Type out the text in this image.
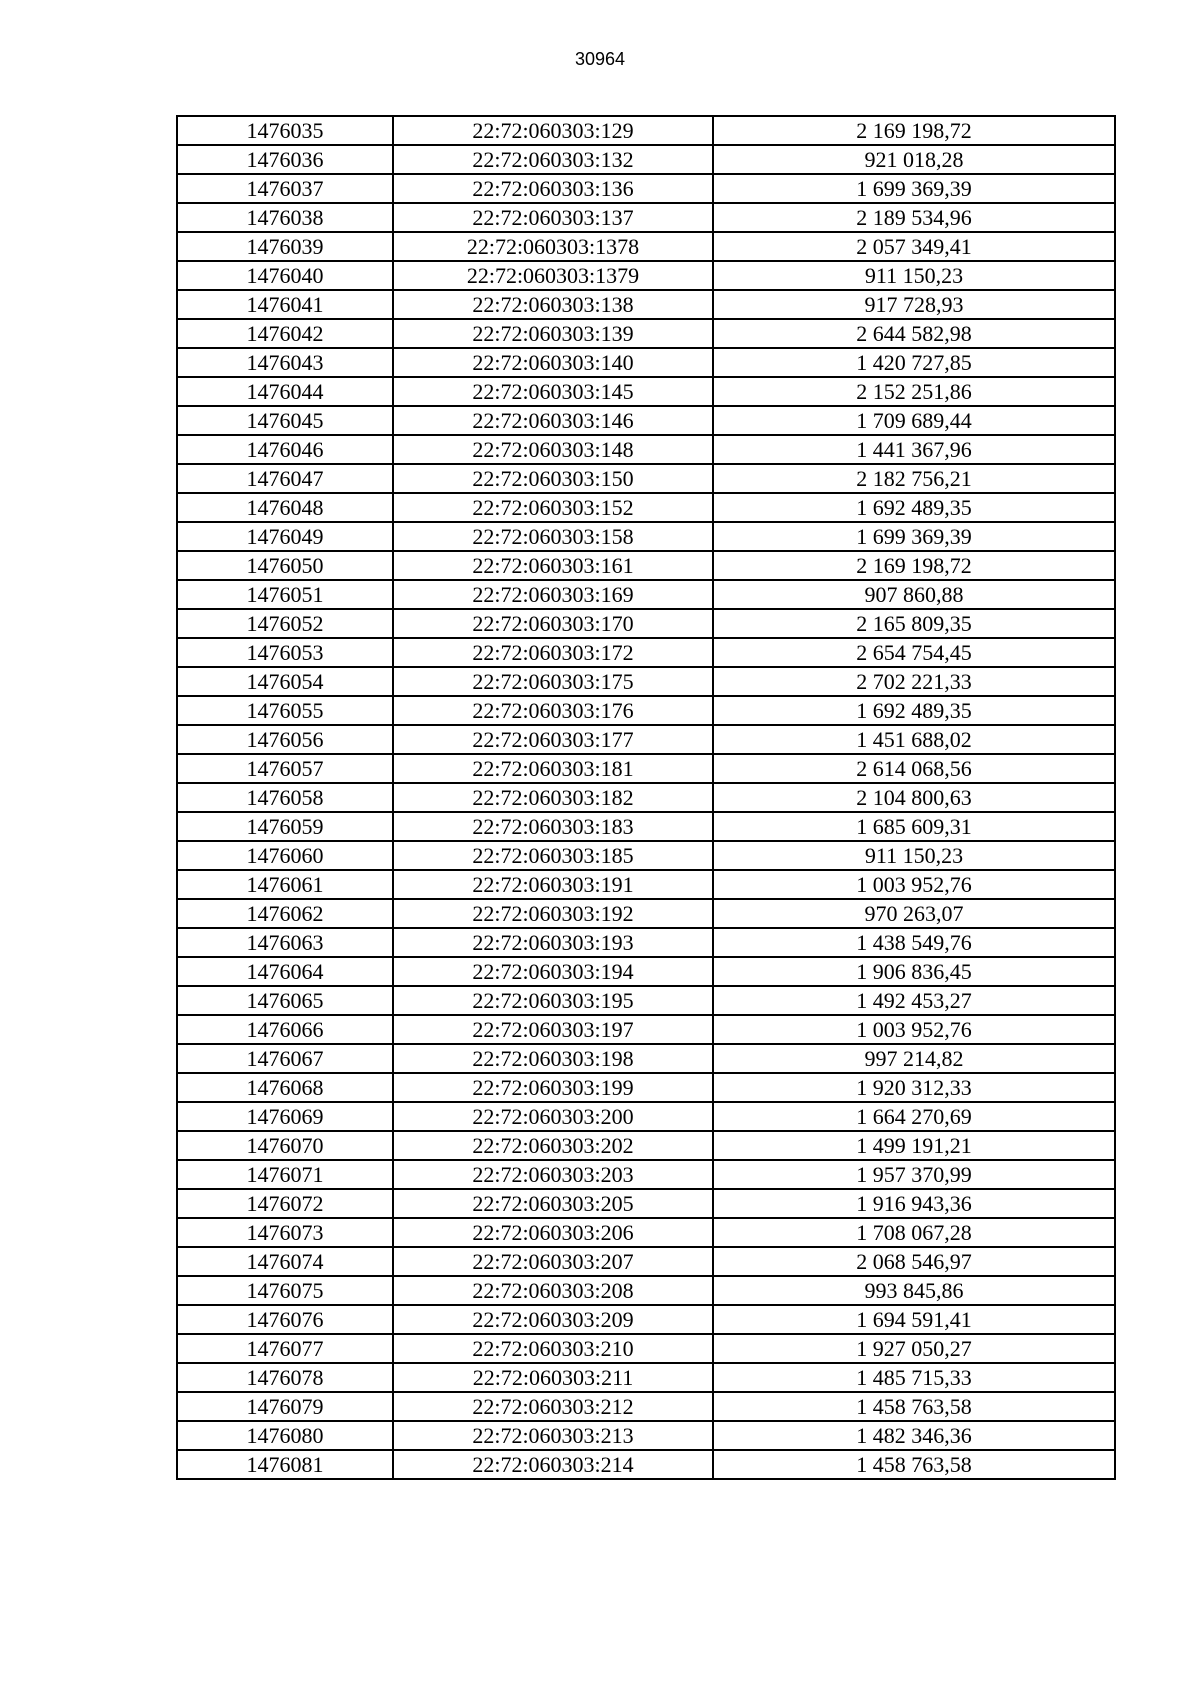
30964
1476035	22:72:060303:129	2 169 198,72
1476036	22:72:060303:132	921 018,28
1476037	22:72:060303:136	1 699 369,39
1476038	22:72:060303:137	2 189 534,96
1476039	22:72:060303:1378	2 057 349,41
1476040	22:72:060303:1379	911 150,23
1476041	22:72:060303:138	917 728,93
1476042	22:72:060303:139	2 644 582,98
1476043	22:72:060303:140	1 420 727,85
1476044	22:72:060303:145	2 152 251,86
1476045	22:72:060303:146	1 709 689,44
1476046	22:72:060303:148	1 441 367,96
1476047	22:72:060303:150	2 182 756,21
1476048	22:72:060303:152	1 692 489,35
1476049	22:72:060303:158	1 699 369,39
1476050	22:72:060303:161	2 169 198,72
1476051	22:72:060303:169	907 860,88
1476052	22:72:060303:170	2 165 809,35
1476053	22:72:060303:172	2 654 754,45
1476054	22:72:060303:175	2 702 221,33
1476055	22:72:060303:176	1 692 489,35
1476056	22:72:060303:177	1 451 688,02
1476057	22:72:060303:181	2 614 068,56
1476058	22:72:060303:182	2 104 800,63
1476059	22:72:060303:183	1 685 609,31
1476060	22:72:060303:185	911 150,23
1476061	22:72:060303:191	1 003 952,76
1476062	22:72:060303:192	970 263,07
1476063	22:72:060303:193	1 438 549,76
1476064	22:72:060303:194	1 906 836,45
1476065	22:72:060303:195	1 492 453,27
1476066	22:72:060303:197	1 003 952,76
1476067	22:72:060303:198	997 214,82
1476068	22:72:060303:199	1 920 312,33
1476069	22:72:060303:200	1 664 270,69
1476070	22:72:060303:202	1 499 191,21
1476071	22:72:060303:203	1 957 370,99
1476072	22:72:060303:205	1 916 943,36
1476073	22:72:060303:206	1 708 067,28
1476074	22:72:060303:207	2 068 546,97
1476075	22:72:060303:208	993 845,86
1476076	22:72:060303:209	1 694 591,41
1476077	22:72:060303:210	1 927 050,27
1476078	22:72:060303:211	1 485 715,33
1476079	22:72:060303:212	1 458 763,58
1476080	22:72:060303:213	1 482 346,36
1476081	22:72:060303:214	1 458 763,58
